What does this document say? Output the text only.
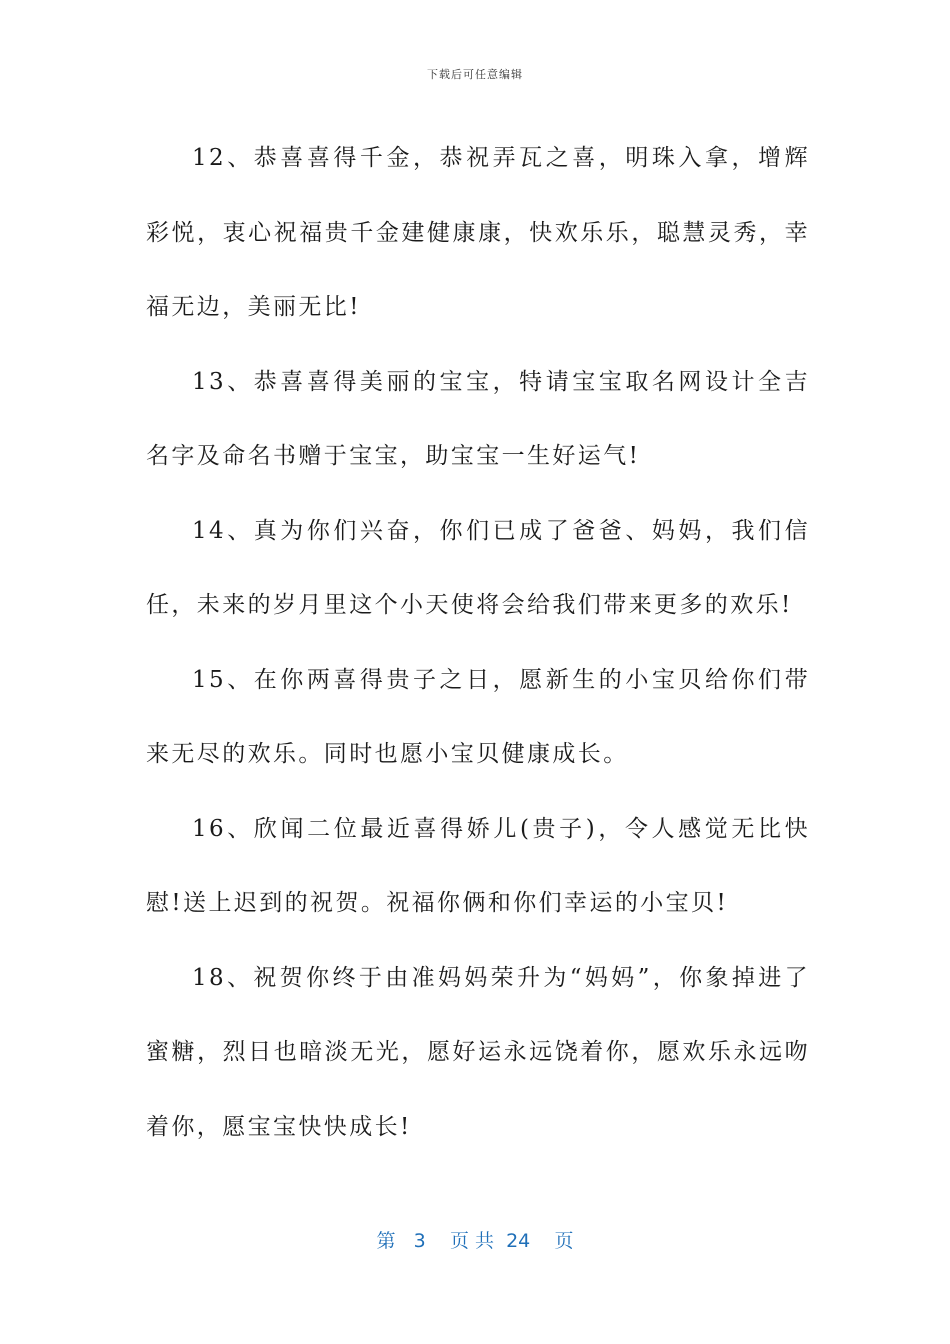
下载后可任意编辑

12、恭喜喜得千金，恭祝弄瓦之喜，明珠入拿，增辉彩悦，衷心祝福贵千金建健康康，快欢乐乐，聪慧灵秀，幸福无边，美丽无比!

13、恭喜喜得美丽的宝宝，特请宝宝取名网设计全吉名字及命名书赠于宝宝，助宝宝一生好运气!

14、真为你们兴奋，你们已成了爸爸、妈妈，我们信任，未来的岁月里这个小天使将会给我们带来更多的欢乐!

15、在你两喜得贵子之日，愿新生的小宝贝给你们带来无尽的欢乐。同时也愿小宝贝健康成长。

16、欣闻二位最近喜得娇儿(贵子)，令人感觉无比快慰!送上迟到的祝贺。祝福你俩和你们幸运的小宝贝!

18、祝贺你终于由准妈妈荣升为“妈妈”，你象掉进了蜜糖，烈日也暗淡无光，愿好运永远饶着你，愿欢乐永远吻着你，愿宝宝快快成长!

第 3 页 共 24 页
